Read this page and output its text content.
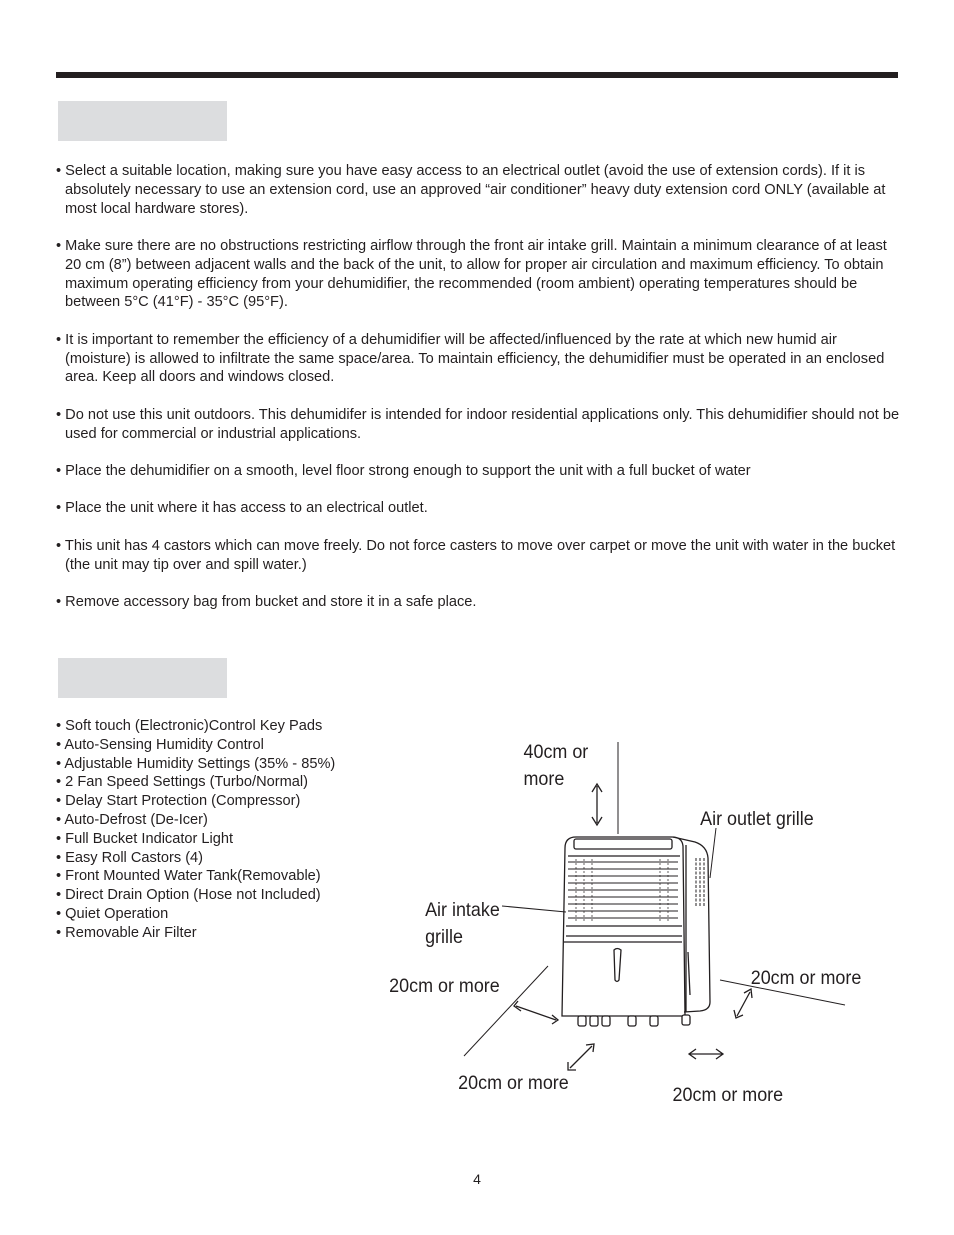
• Select a suitable location, making sure you have easy access to an electrical outlet (avoid the use of extension cords). If it is absolutely necessary to use an extension cord, use an approved “air conditioner” heavy duty extension cord ONLY (available at most local hardware stores).
• Make sure there are no obstructions restricting airflow through the front air intake grill. Maintain a minimum clearance of at least 20 cm (8”) between adjacent walls and the back of the unit, to allow for proper air circulation and maximum efficiency. To obtain maximum operating efficiency from your dehumidifier, the recommended (room ambient) operating temperatures should be between 5°C (41°F) - 35°C (95°F).
• It is important to remember the efficiency of a dehumidifier will be affected/influenced by the rate at which new humid air (moisture) is allowed to infiltrate the same space/area. To maintain efficiency, the dehumidifier must be operated in an enclosed area. Keep all doors and windows closed.
• Do not use this unit outdoors. This dehumidifer is intended for indoor residential applications only. This dehumidifier should not be used for commercial or industrial applications.
• Place the dehumidifier on a smooth, level floor strong enough to support the unit with a full bucket of water
• Place the unit where it has access to an electrical outlet.
• This unit has 4 castors which can move freely. Do not force casters to move over carpet or move the unit with water in the bucket (the unit may tip over and spill water.)
• Remove accessory bag from bucket and store it in a safe place.
• Soft touch (Electronic)Control Key Pads
• Auto-Sensing Humidity Control
• Adjustable Humidity Settings (35% - 85%)
• 2 Fan Speed Settings (Turbo/Normal)
• Delay Start Protection (Compressor)
• Auto-Defrost (De-Icer)
• Full Bucket Indicator Light
• Easy Roll Castors (4)
• Front Mounted Water Tank(Removable)
• Direct Drain Option (Hose not Included)
• Quiet Operation
• Removable Air Filter
40cm or
more
Air outlet grille
Air intake
grille
20cm or more	20cm or more
20cm or more
20cm or more
4
